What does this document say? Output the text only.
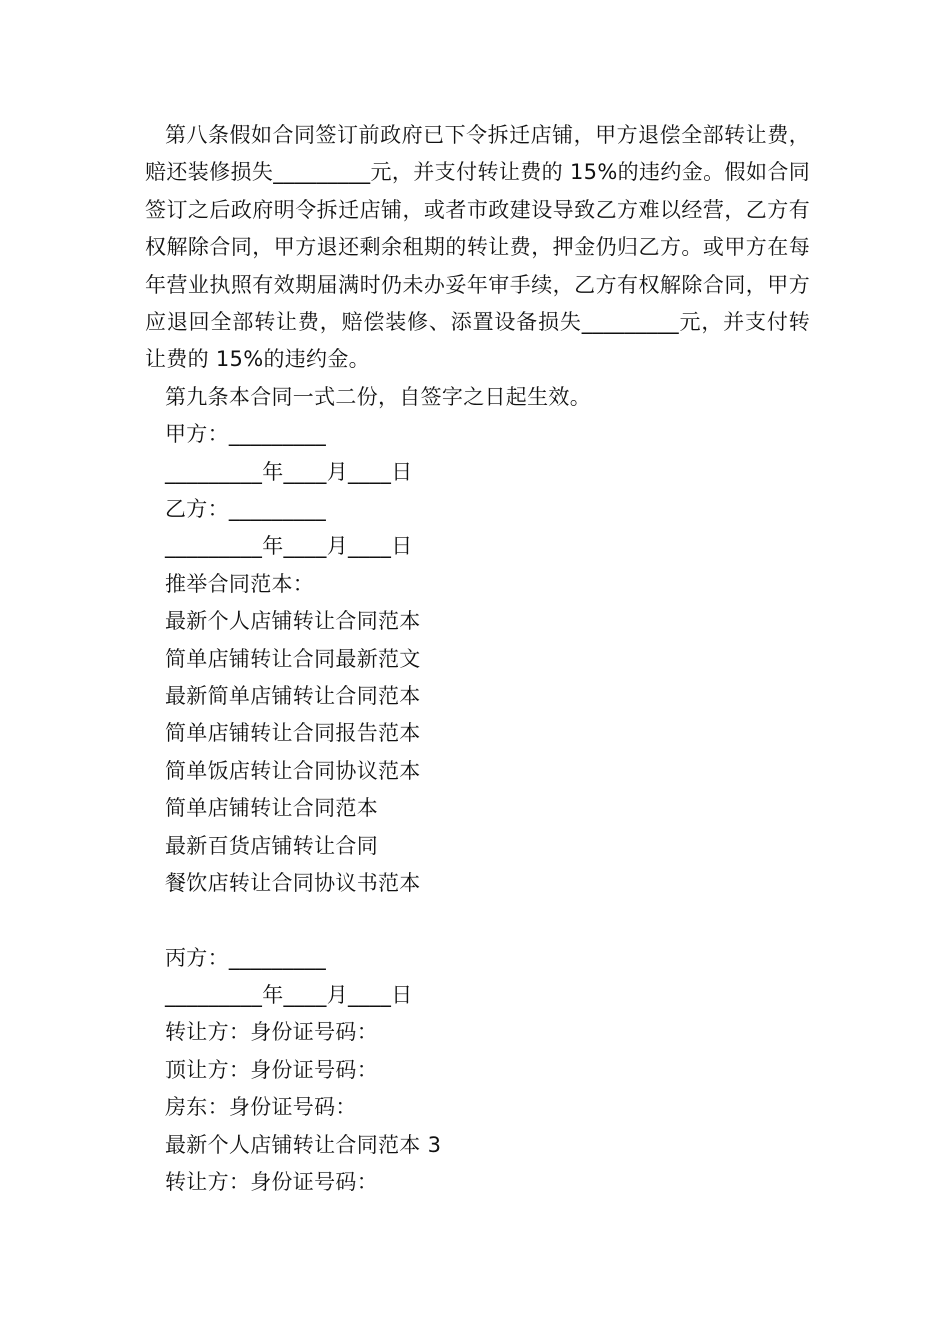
第八条假如合同签订前政府已下令拆迁店铺，甲方退偿全部转让费，赔还装修损失_________元，并支付转让费的 15%的违约金。假如合同签订之后政府明令拆迁店铺，或者市政建设导致乙方难以经营，乙方有权解除合同，甲方退还剩余租期的转让费，押金仍归乙方。或甲方在每年营业执照有效期届满时仍未办妥年审手续，乙方有权解除合同，甲方应退回全部转让费，赔偿装修、添置设备损失_________元，并支付转让费的 15%的违约金。

第九条本合同一式二份，自签字之日起生效。
甲方：_________
_________年____月____日
乙方：_________
_________年____月____日
推举合同范本：
最新个人店铺转让合同范本
简单店铺转让合同最新范文
最新简单店铺转让合同范本
简单店铺转让合同报告范本
简单饭店转让合同协议范本
简单店铺转让合同范本
最新百货店铺转让合同
餐饮店转让合同协议书范本
丙方：_________
_________年____月____日
转让方：身份证号码：
顶让方：身份证号码：
房东：身份证号码：
最新个人店铺转让合同范本 3
转让方：身份证号码：
